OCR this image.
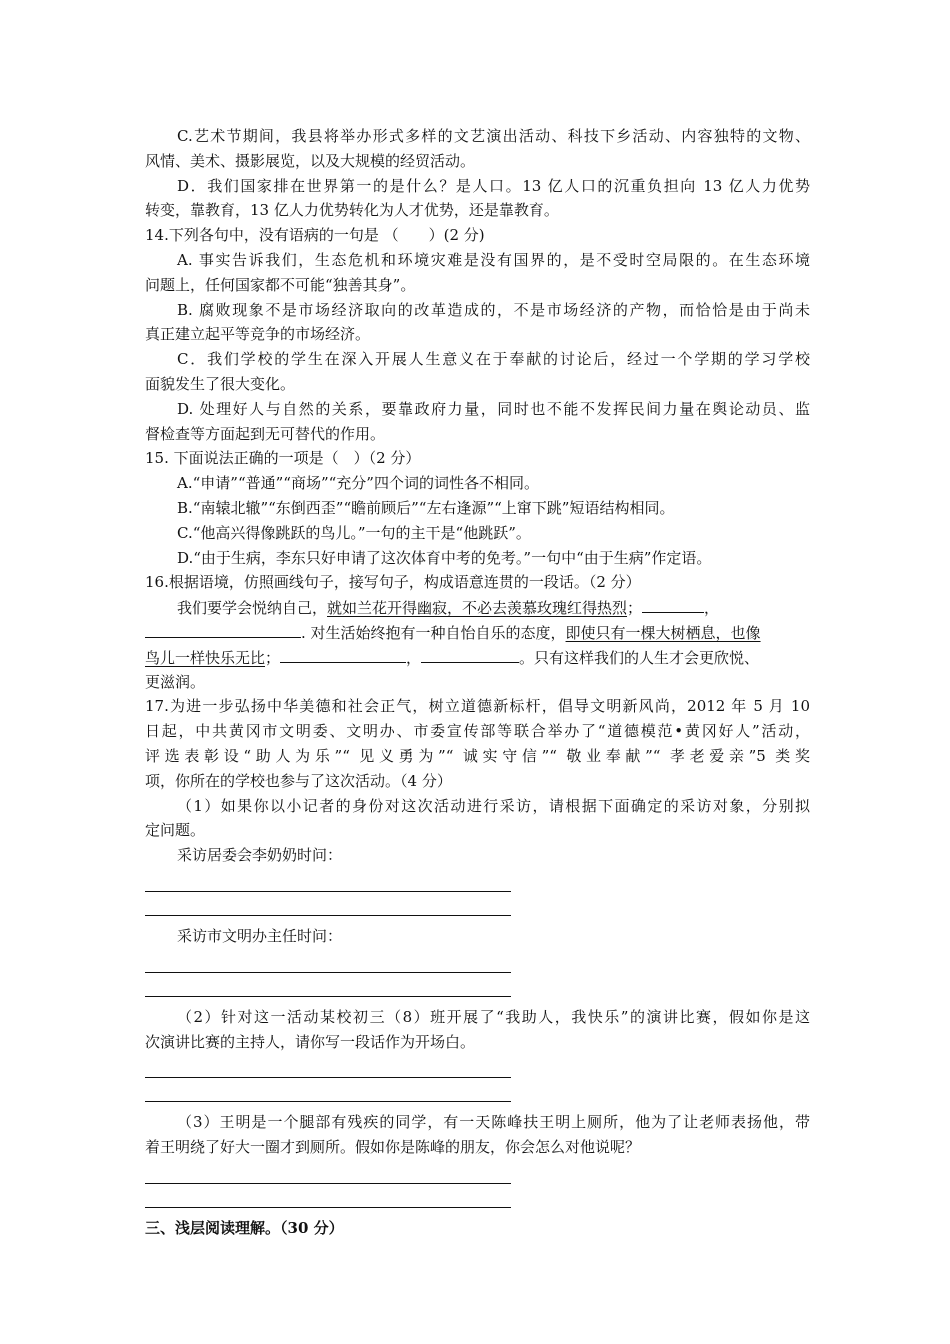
C.艺术节期间，我县将举办形式多样的文艺演出活动、科技下乡活动、内容独特的文物、
风情、美术、摄影展览，以及大规模的经贸活动。
D．我们国家排在世界第一的是什么？是人口。13 亿人口的沉重负担向 13 亿人力优势
转变，靠教育，13 亿人力优势转化为人才优势，还是靠教育。
14.下列各句中，没有语病的一句是 （　　）(2 分)
A. 事实告诉我们，生态危机和环境灾难是没有国界的，是不受时空局限的。在生态环境
问题上，任何国家都不可能“独善其身”。
B. 腐败现象不是市场经济取向的改革造成的，不是市场经济的产物，而恰恰是由于尚未
真正建立起平等竞争的市场经济。
C．我们学校的学生在深入开展人生意义在于奉献的讨论后，经过一个学期的学习学校
面貌发生了很大变化。
D. 处理好人与自然的关系，要靠政府力量，同时也不能不发挥民间力量在舆论动员、监
督检查等方面起到无可替代的作用。
15. 下面说法正确的一项是（　）（2 分）
A.“申请”“普通”“商场”“充分”四个词的词性各不相同。
B.“南辕北辙”“东倒西歪”“瞻前顾后”“左右逢源”“上窜下跳”短语结构相同。
C.“他高兴得像跳跃的鸟儿。”一句的主干是“他跳跃”。
D.“由于生病，李东只好申请了这次体育中考的免考。”一句中“由于生病”作定语。
16.根据语境，仿照画线句子，接写句子，构成语意连贯的一段话。（2 分）
我们要学会悦纳自己，就如兰花开得幽寂，不必去羡慕玫瑰红得热烈；	，
. 对生活始终抱有一种自怡自乐的态度，即使只有一棵大树栖息，也像
鸟儿一样快乐无比；	，	。只有这样我们的人生才会更欣悦、
更滋润。
17.为进一步弘扬中华美德和社会正气，树立道德新标杆，倡导文明新风尚，2012 年 5 月 10
日起，中共黄冈市文明委、文明办、市委宣传部等联合举办了“道德模范•黄冈好人”活动，
评选表彰设“助人为乐”“ 见义勇为”“ 诚实守信”“ 敬业奉献”“ 孝老爱亲”5 类奖
项，你所在的学校也参与了这次活动。（4 分）
（1）如果你以小记者的身份对这次活动进行采访，请根据下面确定的采访对象，分别拟
定问题。
采访居委会李奶奶时问：
采访市文明办主任时问：
（2）针对这一活动某校初三（8）班开展了“我助人，我快乐”的演讲比赛，假如你是这
次演讲比赛的主持人，请你写一段话作为开场白。
（3）王明是一个腿部有残疾的同学，有一天陈峰扶王明上厕所，他为了让老师表扬他，带
着王明绕了好大一圈才到厕所。假如你是陈峰的朋友，你会怎么对他说呢？
三、浅层阅读理解。（30 分）
